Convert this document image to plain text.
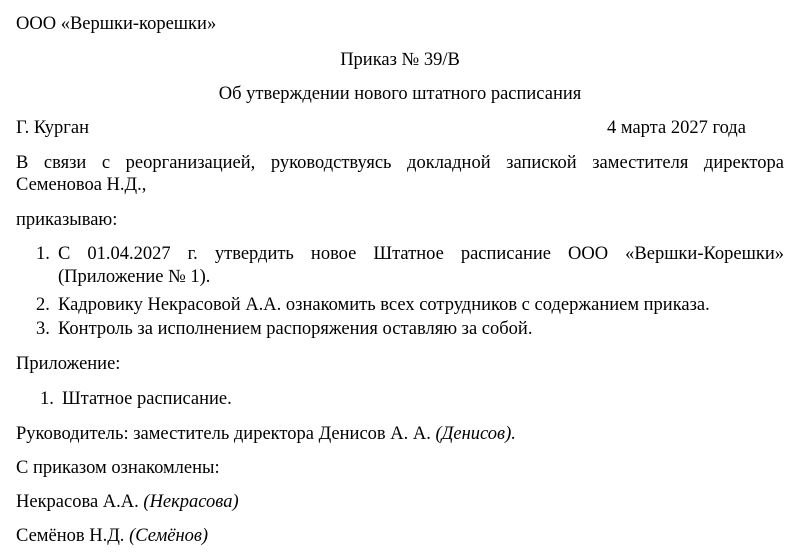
ООО «Вершки-корешки»
Приказ № 39/В
Об утверждении нового штатного расписания
Г. Курган	4 марта 2027 года
В связи с реорганизацией, руководствуясь докладной запиской заместителя директора
Семеновоа Н.Д.,
приказываю:
1. С 01.04.2027 г. утвердить новое Штатное расписание ООО «Вершки-Корешки»
(Приложение № 1).
2. Кадровику Некрасовой А.А. ознакомить всех сотрудников с содержанием приказа.
3. Контроль за исполнением распоряжения оставляю за собой.
Приложение:
1. Штатное расписание.
Руководитель: заместитель директора Денисов А. А. (Денисов).
С приказом ознакомлены:
Некрасова А.А. (Некрасова)
Семёнов Н.Д. (Семёнов)
